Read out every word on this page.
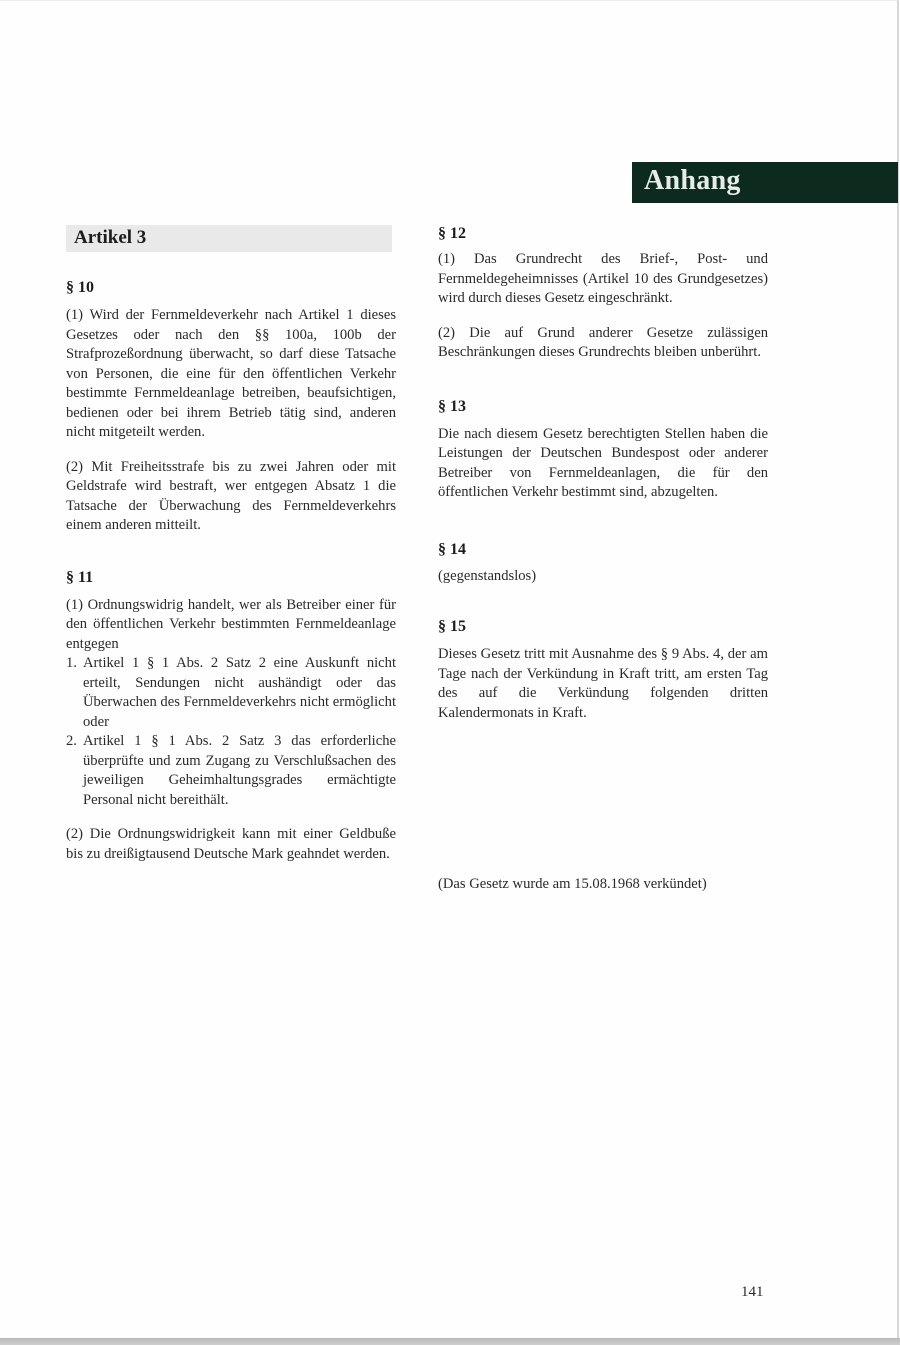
Anhang
Artikel 3
§ 10

(1) Wird der Fernmeldeverkehr nach Artikel 1 dieses Gesetzes oder nach den §§ 100a, 100b der Strafprozeßordnung überwacht, so darf diese Tatsache von Personen, die eine für den öffentlichen Verkehr bestimmte Fernmeldeanlage betreiben, beaufsichtigen, bedienen oder bei ihrem Betrieb tätig sind, anderen nicht mitgeteilt werden.

(2) Mit Freiheitsstrafe bis zu zwei Jahren oder mit Geldstrafe wird bestraft, wer entgegen Absatz 1 die Tatsache der Überwachung des Fernmeldeverkehrs einem anderen mitteilt.

§ 11

(1) Ordnungswidrig handelt, wer als Betreiber einer für den öffentlichen Verkehr bestimmten Fernmeldeanlage entgegen

1. Artikel 1 § 1 Abs. 2 Satz 2 eine Auskunft nicht erteilt, Sendungen nicht aushändigt oder das Überwachen des Fernmeldeverkehrs nicht ermöglicht oder
2. Artikel 1 § 1 Abs. 2 Satz 3 das erforderliche überprüfte und zum Zugang zu Verschlußsachen des jeweiligen Geheimhaltungsgrades ermächtigte Personal nicht bereithält.

(2) Die Ordnungswidrigkeit kann mit einer Geldbuße bis zu dreißigtausend Deutsche Mark geahndet werden.

§ 12

(1) Das Grundrecht des Brief-, Post- und Fernmeldegeheimnisses (Artikel 10 des Grundgesetzes) wird durch dieses Gesetz eingeschränkt.

(2) Die auf Grund anderer Gesetze zulässigen Beschränkungen dieses Grundrechts bleiben unberührt.

§ 13

Die nach diesem Gesetz berechtigten Stellen haben die Leistungen der Deutschen Bundespost oder anderer Betreiber von Fernmeldeanlagen, die für den öffentlichen Verkehr bestimmt sind, abzugelten.

§ 14

(gegenstandslos)

§ 15

Dieses Gesetz tritt mit Ausnahme des § 9 Abs. 4, der am Tage nach der Verkündung in Kraft tritt, am ersten Tag des auf die Verkündung folgenden dritten Kalendermonats in Kraft.

(Das Gesetz wurde am 15.08.1968 verkündet)

141
